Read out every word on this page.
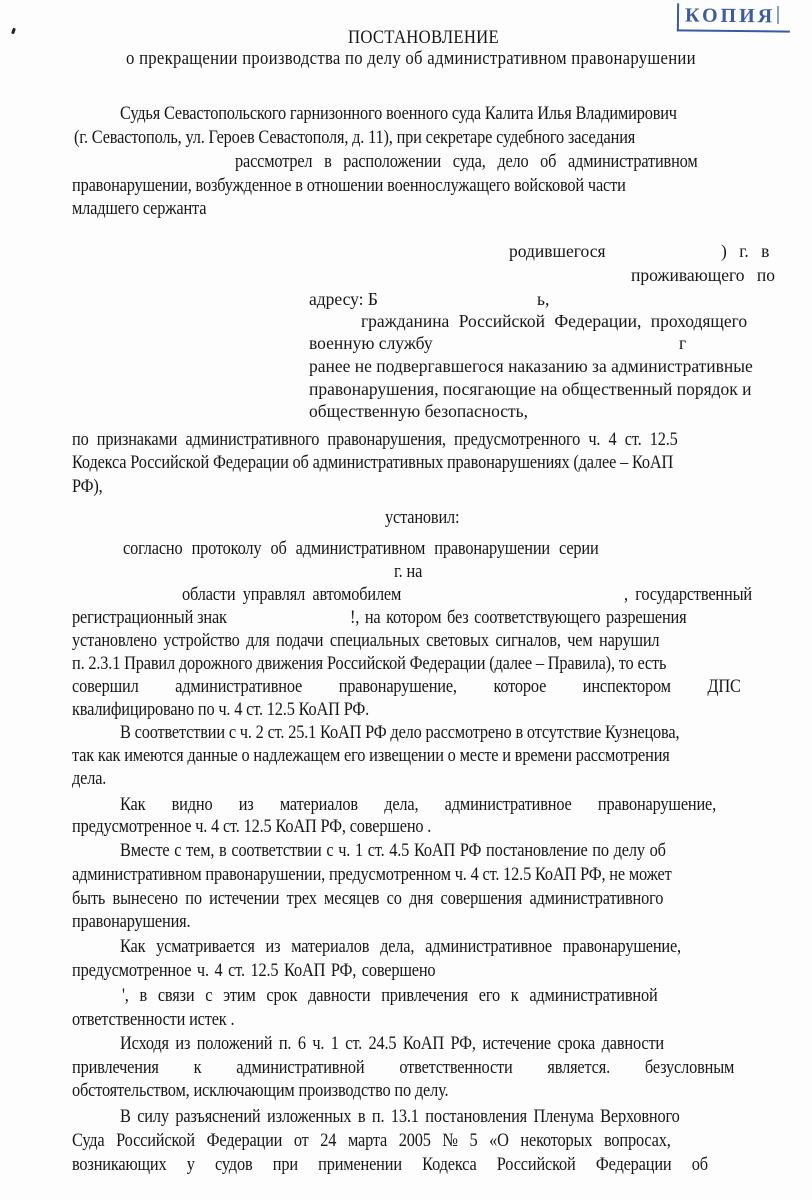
КОПИЯ
ПОСТАНОВЛЕНИЕ
о прекращении производства по делу об административном правонарушении
Судья Севастопольского гарнизонного военного суда Калита Илья Владимирович
(г. Севастополь, ул. Героев Севастополя, д. 11), при секретаре судебного заседания
рассмотрел в расположении суда, дело об административном
правонарушении, возбужденное в отношении военнослужащего войсковой части
младшего сержанта
родившегося	) г. в
проживающего по
адресу: Б	ь,
гражданина Российской Федерации, проходящего
военную службу	г
ранее не подвергавшегося наказанию за административные
правонарушения, посягающие на общественный порядок и
общественную безопасность,
по признаками административного правонарушения, предусмотренного ч. 4 ст. 12.5
Кодекса Российской Федерации об административных правонарушениях (далее – КоАП
РФ),
установил:
согласно протоколу об административном правонарушении серии
г. на
области управлял автомобилем	, государственный
регистрационный знак	!, на котором без соответствующего разрешения
установлено устройство для подачи специальных световых сигналов, чем нарушил
п. 2.3.1 Правил дорожного движения Российской Федерации (далее – Правила), то есть
совершил административное правонарушение, которое инспектором ДПС
квалифицировано по ч. 4 ст. 12.5 КоАП РФ.
В соответствии с ч. 2 ст. 25.1 КоАП РФ дело рассмотрено в отсутствие Кузнецова,
так как имеются данные о надлежащем его извещении о месте и времени рассмотрения
дела.
Как видно из материалов дела, административное правонарушение,
предусмотренное ч. 4 ст. 12.5 КоАП РФ, совершено .
Вместе с тем, в соответствии с ч. 1 ст. 4.5 КоАП РФ постановление по делу об
административном правонарушении, предусмотренном ч. 4 ст. 12.5 КоАП РФ, не может
быть вынесено по истечении трех месяцев со дня совершения административного
правонарушения.
Как усматривается из материалов дела, административное правонарушение,
предусмотренное ч. 4 ст. 12.5 КоАП РФ, совершено
', в связи с этим срок давности привлечения его к административной
ответственности истек .
Исходя из положений п. 6 ч. 1 ст. 24.5 КоАП РФ, истечение срока давности
привлечения к административной ответственности является. безусловным
обстоятельством, исключающим производство по делу.
В силу разъяснений изложенных в п. 13.1 постановления Пленума Верховного
Суда Российской Федерации от 24 марта 2005 № 5 «О некоторых вопросах,
возникающих у судов при применении Кодекса Российской Федерации об
